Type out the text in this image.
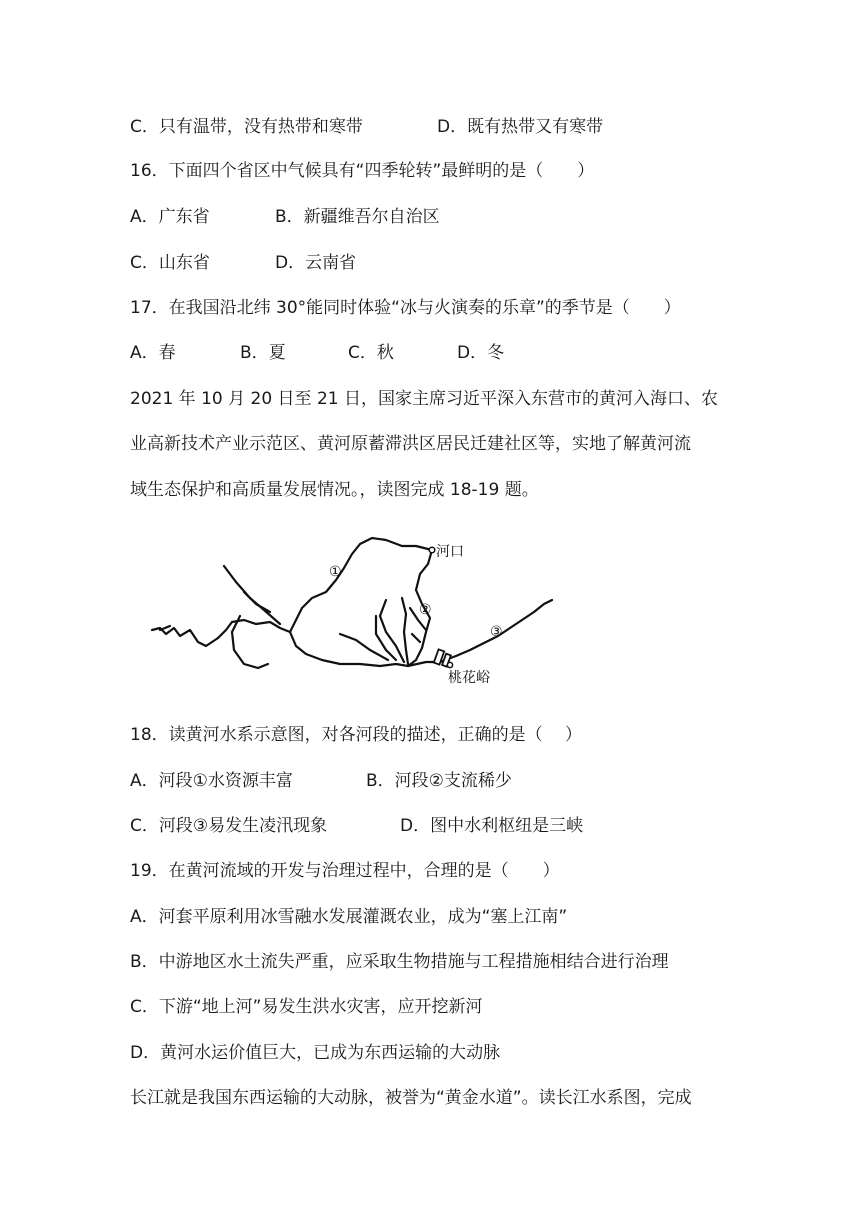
C．只有温带，没有热带和寒带	D．既有热带又有寒带
16．下面四个省区中气候具有“四季轮转”最鲜明的是（　　）
A．广东省	B．新疆维吾尔自治区
C．山东省	D．云南省
17．在我国沿北纬 30°能同时体验“冰与火演奏的乐章”的季节是（　　）
A．春	B．夏	C．秋	D．冬
2021 年 10 月 20 日至 21 日，国家主席习近平深入东营市的黄河入海口、农
业高新技术产业示范区、黄河原蓄滞洪区居民迁建社区等，实地了解黄河流
域生态保护和高质量发展情况。，读图完成 18-19 题。
河口
桃花峪
①
②
③
18．读黄河水系示意图，对各河段的描述，正确的是（　 ）
A．河段①水资源丰富	B．河段②支流稀少
C．河段③易发生凌汛现象	D．图中水利枢纽是三峡
19．在黄河流域的开发与治理过程中，合理的是（　　）
A．河套平原利用冰雪融水发展灌溉农业，成为“塞上江南”
B．中游地区水土流失严重，应采取生物措施与工程措施相结合进行治理
C．下游“地上河”易发生洪水灾害，应开挖新河
D．黄河水运价值巨大，已成为东西运输的大动脉
长江就是我国东西运输的大动脉，被誉为“黄金水道”。读长江水系图，完成
